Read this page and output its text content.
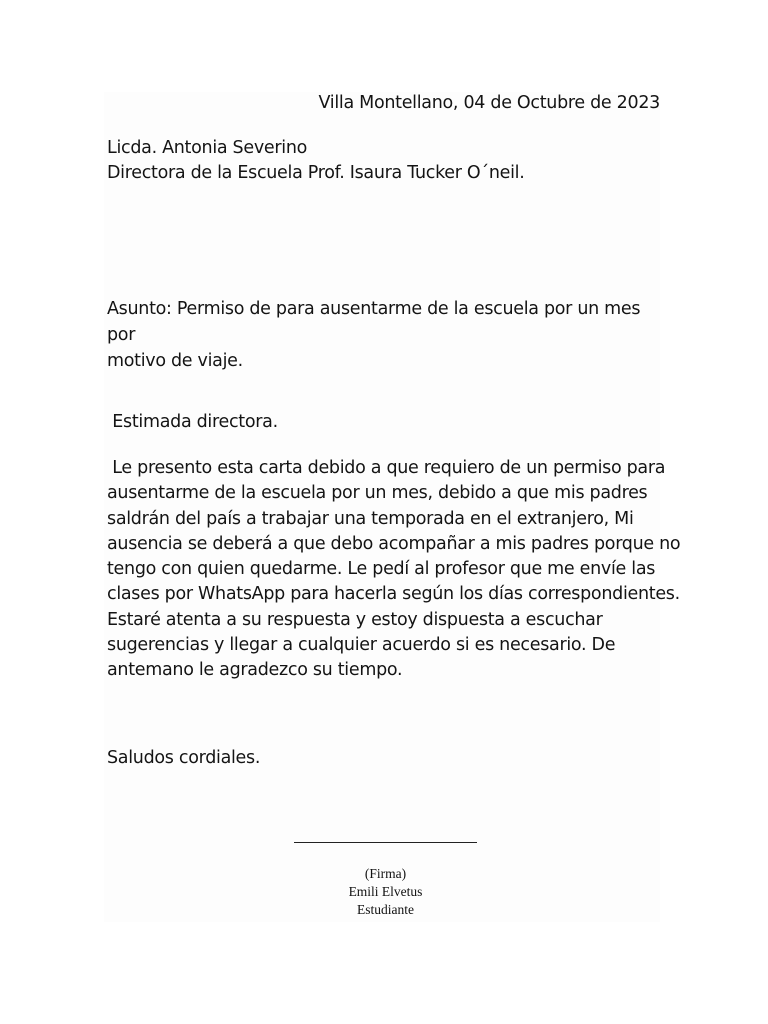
Villa Montellano, 04 de Octubre de 2023

Licda. Antonia Severino

Directora de la Escuela Prof. Isaura Tucker O´neil.

Asunto: Permiso de para ausentarme de la escuela por un mes por
motivo de viaje.

Estimada directora.

Le presento esta carta debido a que requiero de un permiso para
ausentarme de la escuela por un mes, debido a que mis padres
saldrán del país a trabajar una temporada en el extranjero, Mi
ausencia se deberá a que debo acompañar a mis padres porque no
tengo con quien quedarme. Le pedí al profesor que me envíe las
clases por WhatsApp para hacerla según los días correspondientes.
Estaré atenta a su respuesta y estoy dispuesta a escuchar
sugerencias y llegar a cualquier acuerdo si es necesario. De
antemano le agradezco su tiempo.

Saludos cordiales.

(Firma)
Emili Elvetus
Estudiante
